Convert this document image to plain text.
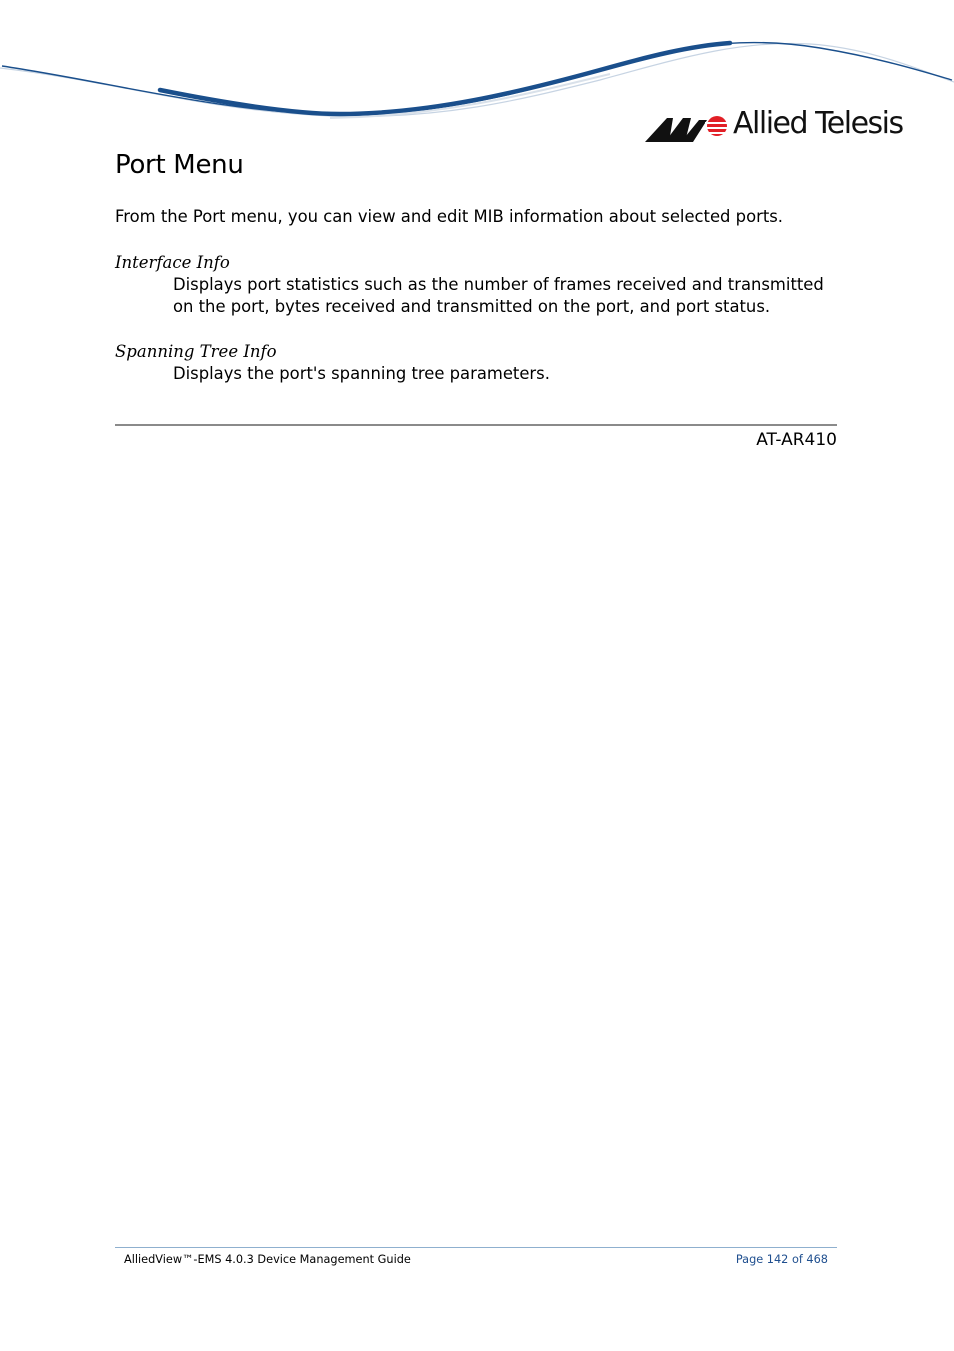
Allied Telesis
Port Menu

From the Port menu, you can view and edit MIB information about selected ports.

Interface Info

Displays port statistics such as the number of frames received and transmitted on the port, bytes received and transmitted on the port, and port status.

Spanning Tree Info

Displays the port's spanning tree parameters.

AT-AR410

AlliedView™-EMS 4.0.3 Device Management Guide	Page 142 of 468
